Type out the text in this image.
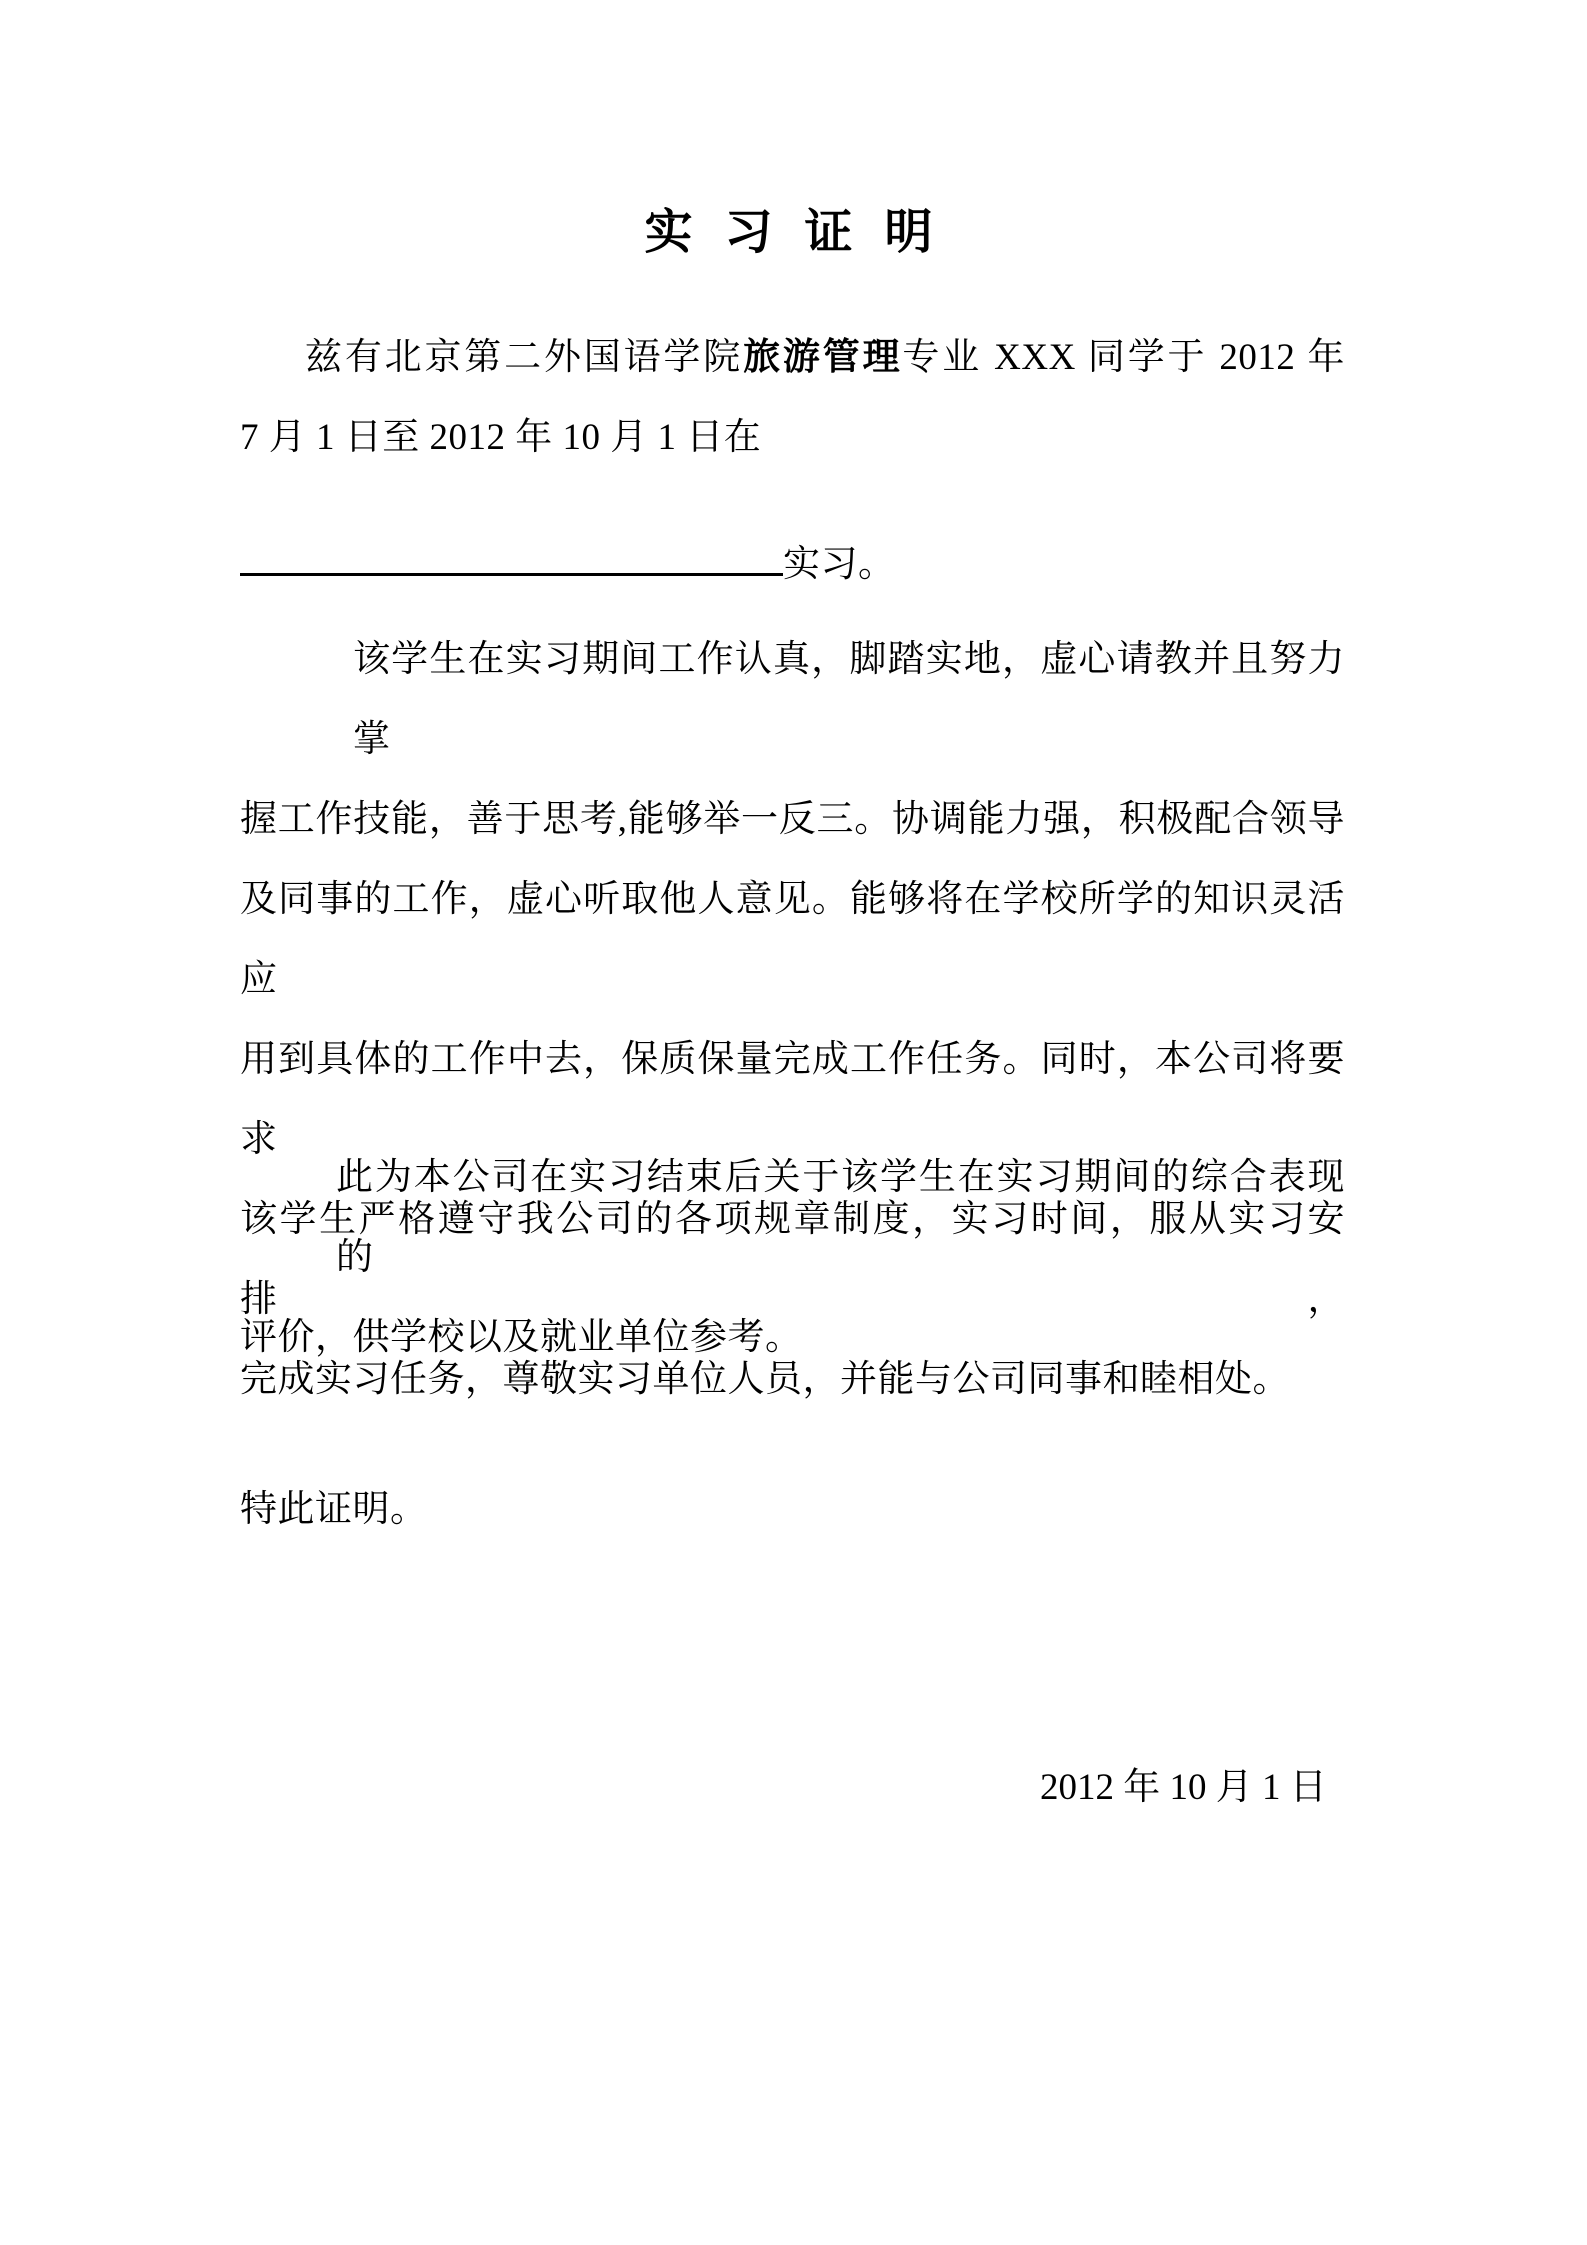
实 习 证 明
兹有北京第二外国语学院旅游管理专业 XXX 同学于 2012 年
7 月 1 日至 2012 年 10 月 1 日在
实习。
该学生在实习期间工作认真，脚踏实地，虚心请教并且努力掌
握工作技能，善于思考,能够举一反三。协调能力强，积极配合领导
及同事的工作，虚心听取他人意见。能够将在学校所学的知识灵活应
用到具体的工作中去，保质保量完成工作任务。同时，本公司将要求
该学生严格遵守我公司的各项规章制度，实习时间，服从实习安排，
完成实习任务，尊敬实习单位人员，并能与公司同事和睦相处。
此为本公司在实习结束后关于该学生在实习期间的综合表现的
评价，供学校以及就业单位参考。
特此证明。
2012 年 10 月 1 日
